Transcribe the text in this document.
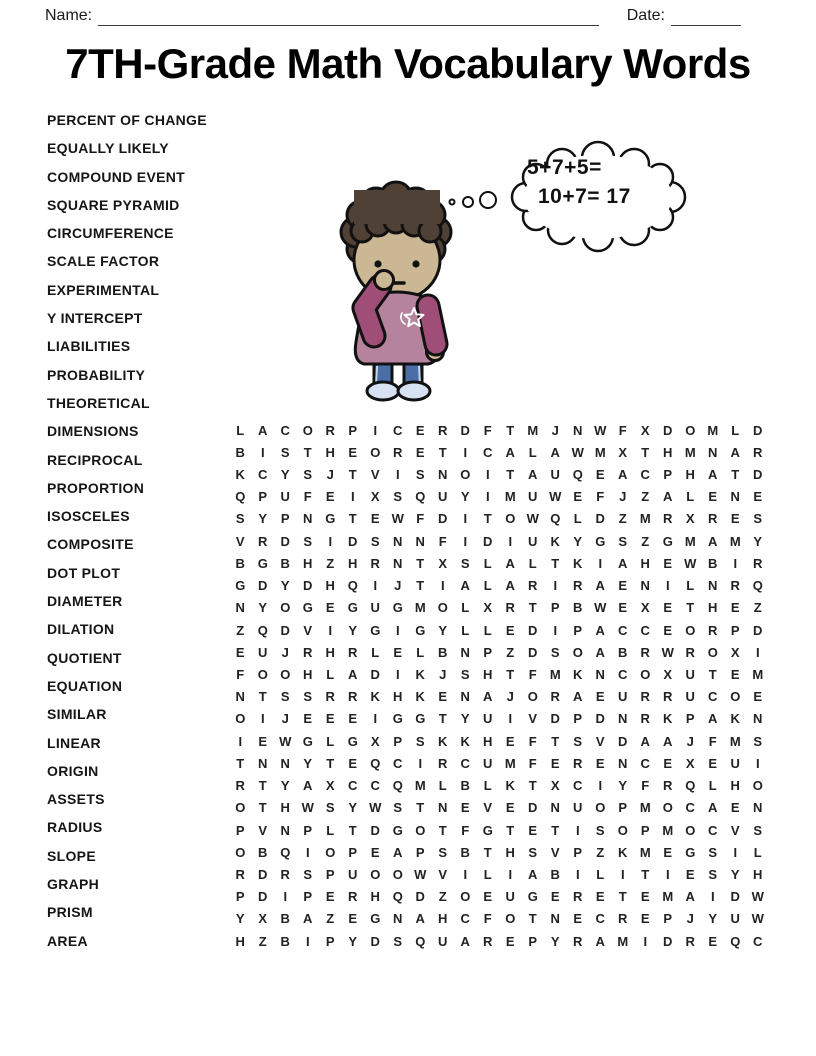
Name:	Date:
7TH-Grade Math Vocabulary Words
PERCENT OF CHANGE
EQUALLY LIKELY
COMPOUND EVENT
SQUARE PYRAMID
CIRCUMFERENCE
SCALE FACTOR
EXPERIMENTAL
Y INTERCEPT
LIABILITIES
PROBABILITY
THEORETICAL
DIMENSIONS
RECIPROCAL
PROPORTION
ISOSCELES
COMPOSITE
DOT PLOT
DIAMETER
DILATION
QUOTIENT
EQUATION
SIMILAR
LINEAR
ORIGIN
ASSETS
RADIUS
SLOPE
GRAPH
PRISM
AREA
5+7+5=
10+7= 17
L	A	C O R	P	I	C	E	R	D	F	T	M	J	N W F	X	D O M	L	D
B	I	S	T	H	E	O R	E	T	I	C	A	L	A W M X	T	H M N	A	R
K	C	Y	S	J	T	V	I	S	N O	I	T	A	U Q	E	A	C	P	H	A	T	D
Q	P	U	F	E	I	X	S	Q U	Y	I	M U W E	F	J	Z	A	L	E	N	E
S	Y	P	N G	T	E W F	D	I	T	O W Q	L	D	Z	M R	X	R	E	S
V	R	D	S	I	D	S	N	N	F	I	D	I	U	K	Y	G	S	Z	G M A M Y
B G B	H	Z	H	R	N	T	X	S	L	A	L	T	K	I	A	H	E W B	I	R
G D	Y	D	H Q	I	J	T	I	A	L	A	R	I	R	A	E	N	I	L	N	R Q
N	Y	O G	E	G U G M O	L	X	R	T	P	B W E	X	E	T	H	E	Z
Z	Q D	V	I	Y	G	I	G	Y	L	L	E	D	I	P	A	C	C	E	O R	P	D
E	U	J	R	H	R	L	E	L	B	N	P	Z	D	S	O A	B	R W R O	X	I
F	O O H	L	A	D	I	K	J	S	H	T	F	M K	N	C O	X	U	T	E M
N	T	S	S	R	R	K	H	K	E	N	A	J	O R	A	E	U	R	R	U	C O	E
O	I	J	E	E	E	I	G G	T	Y	U	I	V	D	P	D	N	R	K	P	A	K	N
I	E W G	L	G	X	P	S	K	K	H	E	F	T	S	V	D	A	A	J	F	M S
T	N	N	Y	T	E	Q C	I	R	C	U M	F	E	R	E	N	C	E	X	E	U	I
R	T	Y	A	X	C	C Q M	L	B	L	K	T	X	C	I	Y	F	R Q	L	H O
O	T	H W S	Y W S	T	N	E	V	E	D	N	U O	P M O C	A	E	N
P	V	N	P	L	T	D G O	T	F	G	T	E	T	I	S	O	P M O C	V	S
O B Q	I	O	P	E	A	P	S	B	T	H	S	V	P	Z	K M E	G	S	I	L
R	D	R	S	P	U O O W V	I	L	I	A	B	I	L	I	T	I	E	S	Y	H
P	D	I	P	E	R	H Q D	Z	O	E	U G	E	R	E	T	E M A	I	D W
Y	X	B	A	Z	E	G N	A	H	C	F	O	T	N	E	C	R	E	P	J	Y	U W
H	Z	B	I	P	Y	D	S	Q U	A	R	E	P	Y	R	A M	I	D	R	E	Q C
